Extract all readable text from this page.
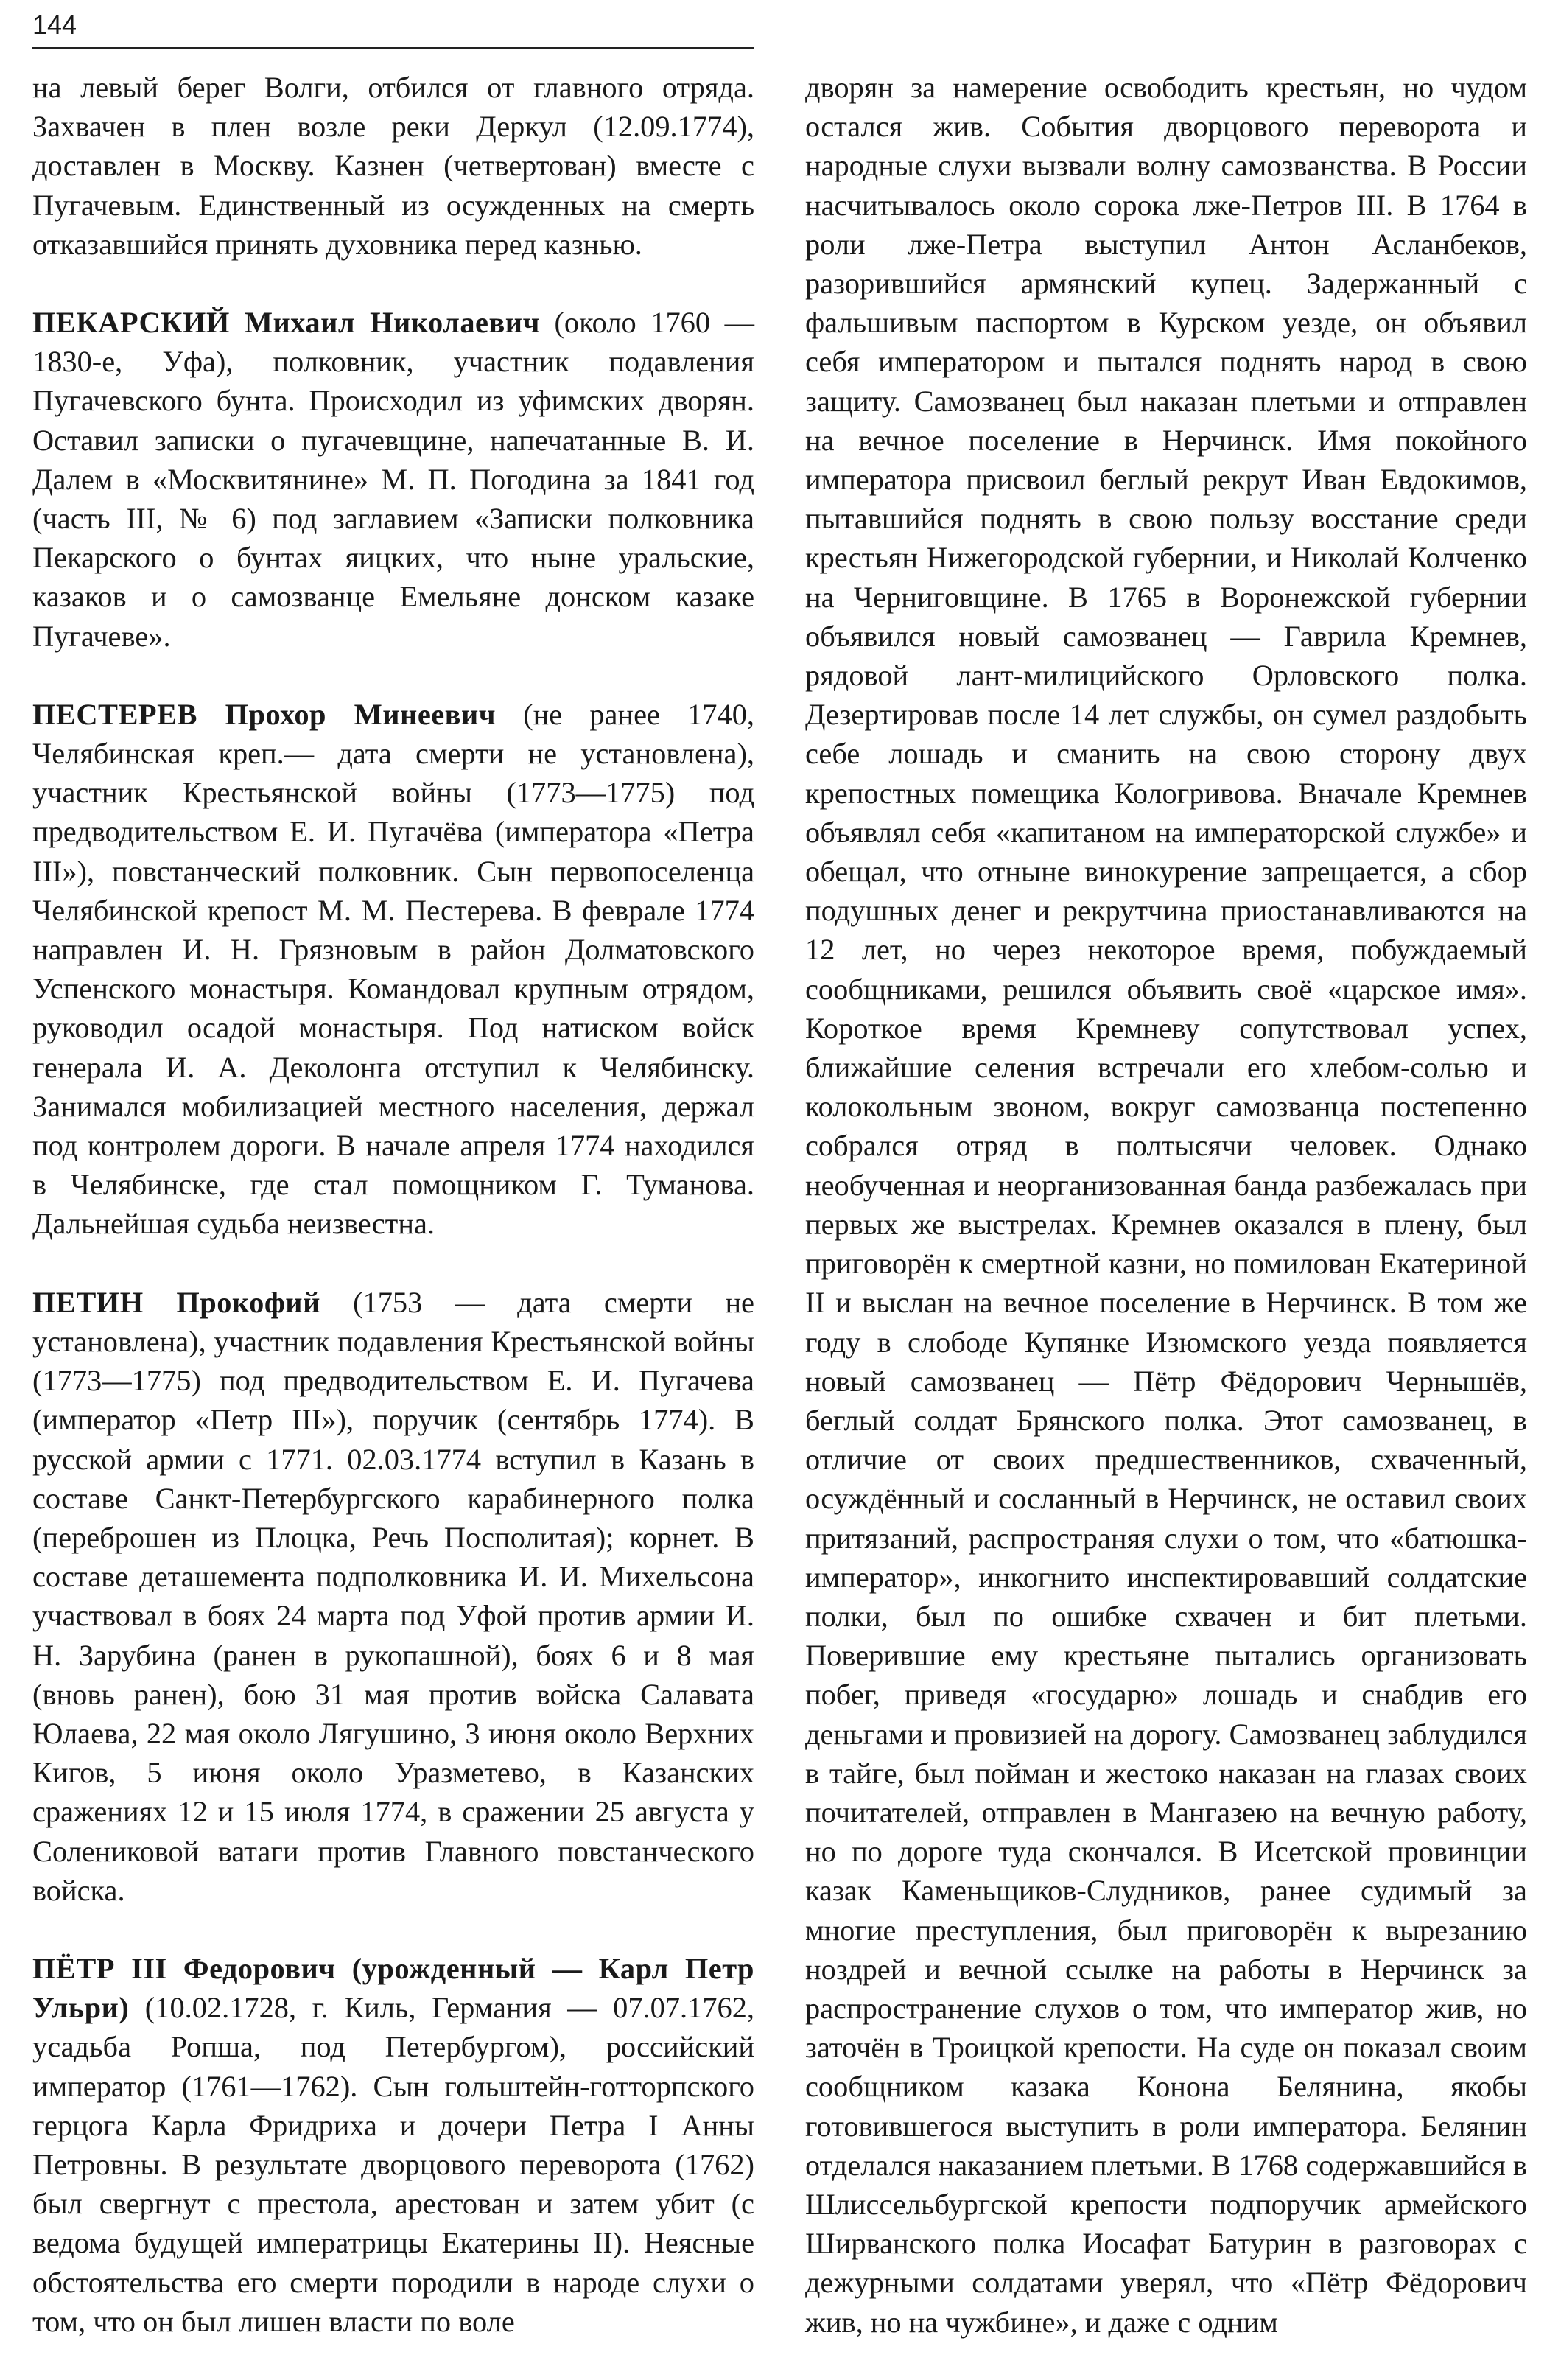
144

на левый берег Волги, отбился от главного отряда. Захвачен в плен возле реки Деркул (12.09.1774), доставлен в Москву. Казнен (четвертован) вместе с Пугачевым. Единственный из осужденных на смерть отказавшийся принять духовника перед казнью.

ПЕКАРСКИЙ Михаил Николаевич (около 1760 — 1830-е, Уфа), полковник, участник подавления Пугачевского бунта. Происходил из уфимских дворян. Оставил записки о пугачевщине, напечатанные В. И. Далем в «Москвитянине» М. П. Погодина за 1841 год (часть III, № 6) под заглавием «Записки полковника Пекарского о бунтах яицких, что ныне уральские, казаков и о самозванце Емельяне донском казаке Пугачеве».

ПЕСТЕРЕВ Прохор Минеевич (не ранее 1740, Челябинская креп.— дата смерти не установлена), участник Крестьянской войны (1773—1775) под предводительством Е. И. Пугачёва (императора «Петра III»), повстанческий полковник. Сын первопоселенца Челябинской крепост М. М. Пестерева. В феврале 1774 направлен И. Н. Грязновым в район Долматовского Успенского монастыря. Командовал крупным отрядом, руководил осадой монастыря. Под натиском войск генерала И. А. Деколонга отступил к Челябинску. Занимался мобилизацией местного населения, держал под контролем дороги. В начале апреля 1774 находился в Челябинске, где стал помощником Г. Туманова. Дальнейшая судьба неизвестна.

ПЕТИН Прокофий (1753 — дата смерти не установлена), участник подавления Крестьянской войны (1773—1775) под предводительством Е. И. Пугачева (император «Петр III»), поручик (сентябрь 1774). В русской армии с 1771. 02.03.1774 вступил в Казань в составе Санкт-Петербургского карабинерного полка (переброшен из Плоцка, Речь Посполитая); корнет. В составе деташемента подполковника И. И. Михельсона участвовал в боях 24 марта под Уфой против армии И. Н. Зарубина (ранен в рукопашной), боях 6 и 8 мая (вновь ранен), бою 31 мая против войска Салавата Юлаева, 22 мая около Лягушино, 3 июня около Верхних Кигов, 5 июня около Уразметево, в Казанских сражениях 12 и 15 июля 1774, в сражении 25 августа у Солениковой ватаги против Главного повстанческого войска.

ПЁТР III Федорович (урожденный — Карл Петр Ульри) (10.02.1728, г. Киль, Германия — 07.07.1762, усадьба Ропша, под Петербургом), российский император (1761—1762). Сын гольштейн-готторпского герцога Карла Фридриха и дочери Петра I Анны Петровны. В результате дворцового переворота (1762) был свергнут с престола, арестован и затем убит (с ведома будущей императрицы Екатерины II). Неясные обстоятельства его смерти породили в народе слухи о том, что он был лишен власти по воле

дворян за намерение освободить крестьян, но чудом остался жив. События дворцового переворота и народные слухи вызвали волну самозванства. В России насчитывалось около сорока лже-Петров III. В 1764 в роли лже-Петра выступил Антон Асланбеков, разорившийся армянский купец. Задержанный с фальшивым паспортом в Курском уезде, он объявил себя императором и пытался поднять народ в свою защиту. Самозванец был наказан плетьми и отправлен на вечное поселение в Нерчинск. Имя покойного императора присвоил беглый рекрут Иван Евдокимов, пытавшийся поднять в свою пользу восстание среди крестьян Нижегородской губернии, и Николай Колченко на Черниговщине. В 1765 в Воронежской губернии объявился новый самозванец — Гаврила Кремнев, рядовой лант-милицийского Орловского полка. Дезертировав после 14 лет службы, он сумел раздобыть себе лошадь и сманить на свою сторону двух крепостных помещика Кологривова. Вначале Кремнев объявлял себя «капитаном на императорской службе» и обещал, что отныне винокурение запрещается, а сбор подушных денег и рекрутчина приостанавливаются на 12 лет, но через некоторое время, побуждаемый сообщниками, решился объявить своё «царское имя». Короткое время Кремневу сопутствовал успех, ближайшие селения встречали его хлебом-солью и колокольным звоном, вокруг самозванца постепенно собрался отряд в полтысячи человек. Однако необученная и неорганизованная банда разбежалась при первых же выстрелах. Кремнев оказался в плену, был приговорён к смертной казни, но помилован Екатериной II и выслан на вечное поселение в Нерчинск. В том же году в слободе Купянке Изюмского уезда появляется новый самозванец — Пётр Фёдорович Чернышёв, беглый солдат Брянского полка. Этот самозванец, в отличие от своих предшественников, схваченный, осуждённый и сосланный в Нерчинск, не оставил своих притязаний, распространяя слухи о том, что «батюшка-император», инкогнито инспектировавший солдатские полки, был по ошибке схвачен и бит плетьми. Поверившие ему крестьяне пытались организовать побег, приведя «государю» лошадь и снабдив его деньгами и провизией на дорогу. Самозванец заблудился в тайге, был пойман и жестоко наказан на глазах своих почитателей, отправлен в Мангазею на вечную работу, но по дороге туда скончался. В Исетской провинции казак Каменьщиков-Слудников, ранее судимый за многие преступления, был приговорён к вырезанию ноздрей и вечной ссылке на работы в Нерчинск за распространение слухов о том, что император жив, но заточён в Троицкой крепости. На суде он показал своим сообщником казака Конона Белянина, якобы готовившегося выступить в роли императора. Белянин отделался наказанием плетьми. В 1768 содержавшийся в Шлиссельбургской крепости подпоручик армейского Ширванского полка Иосафат Батурин в разговорах с дежурными солдатами уверял, что «Пётр Фёдорович жив, но на чужбине», и даже с одним
